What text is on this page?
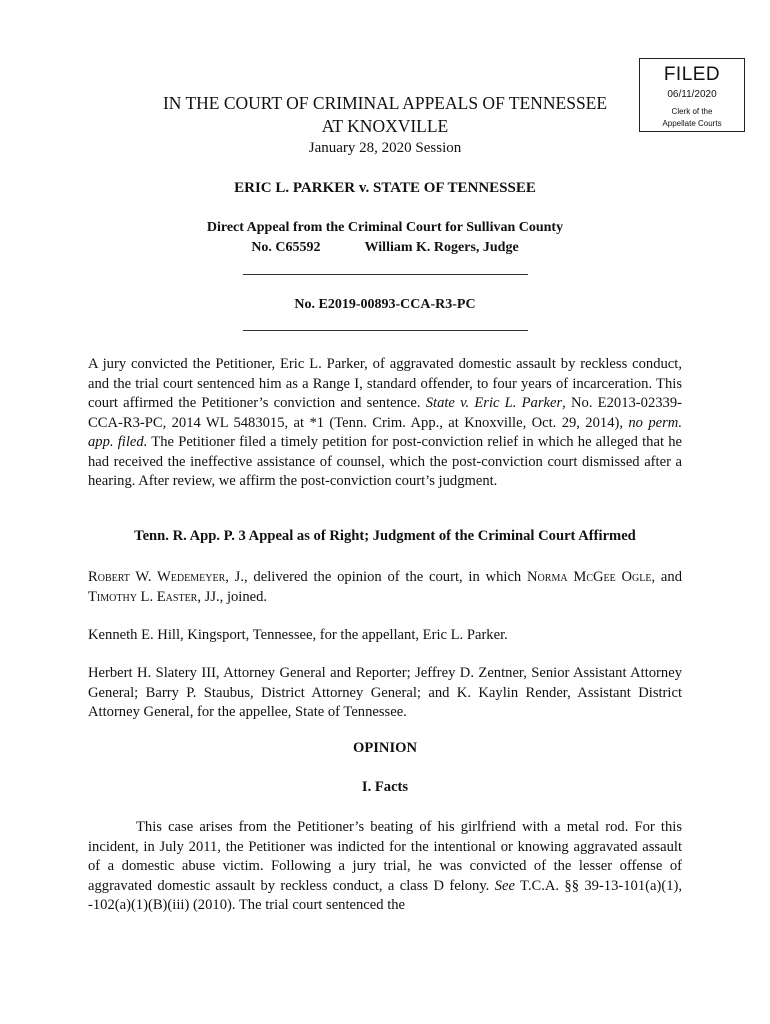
FILED
06/11/2020
Clerk of the
Appellate Courts
IN THE COURT OF CRIMINAL APPEALS OF TENNESSEE
AT KNOXVILLE
January 28, 2020 Session
ERIC L. PARKER v. STATE OF TENNESSEE
Direct Appeal from the Criminal Court for Sullivan County
No. C65592	William K. Rogers, Judge
No. E2019-00893-CCA-R3-PC
A jury convicted the Petitioner, Eric L. Parker, of aggravated domestic assault by reckless conduct, and the trial court sentenced him as a Range I, standard offender, to four years of incarceration. This court affirmed the Petitioner’s conviction and sentence. State v. Eric L. Parker, No. E2013-02339-CCA-R3-PC, 2014 WL 5483015, at *1 (Tenn. Crim. App., at Knoxville, Oct. 29, 2014), no perm. app. filed. The Petitioner filed a timely petition for post-conviction relief in which he alleged that he had received the ineffective assistance of counsel, which the post-conviction court dismissed after a hearing. After review, we affirm the post-conviction court’s judgment.
Tenn. R. App. P. 3 Appeal as of Right; Judgment of the Criminal Court Affirmed
Robert W. Wedemeyer, J., delivered the opinion of the court, in which Norma McGee Ogle, and Timothy L. Easter, JJ., joined.
Kenneth E. Hill, Kingsport, Tennessee, for the appellant, Eric L. Parker.
Herbert H. Slatery III, Attorney General and Reporter; Jeffrey D. Zentner, Senior Assistant Attorney General; Barry P. Staubus, District Attorney General; and K. Kaylin Render, Assistant District Attorney General, for the appellee, State of Tennessee.
OPINION
I. Facts
This case arises from the Petitioner’s beating of his girlfriend with a metal rod. For this incident, in July 2011, the Petitioner was indicted for the intentional or knowing aggravated assault of a domestic abuse victim. Following a jury trial, he was convicted of the lesser offense of aggravated domestic assault by reckless conduct, a class D felony. See T.C.A. §§ 39-13-101(a)(1), -102(a)(1)(B)(iii) (2010). The trial court sentenced the
